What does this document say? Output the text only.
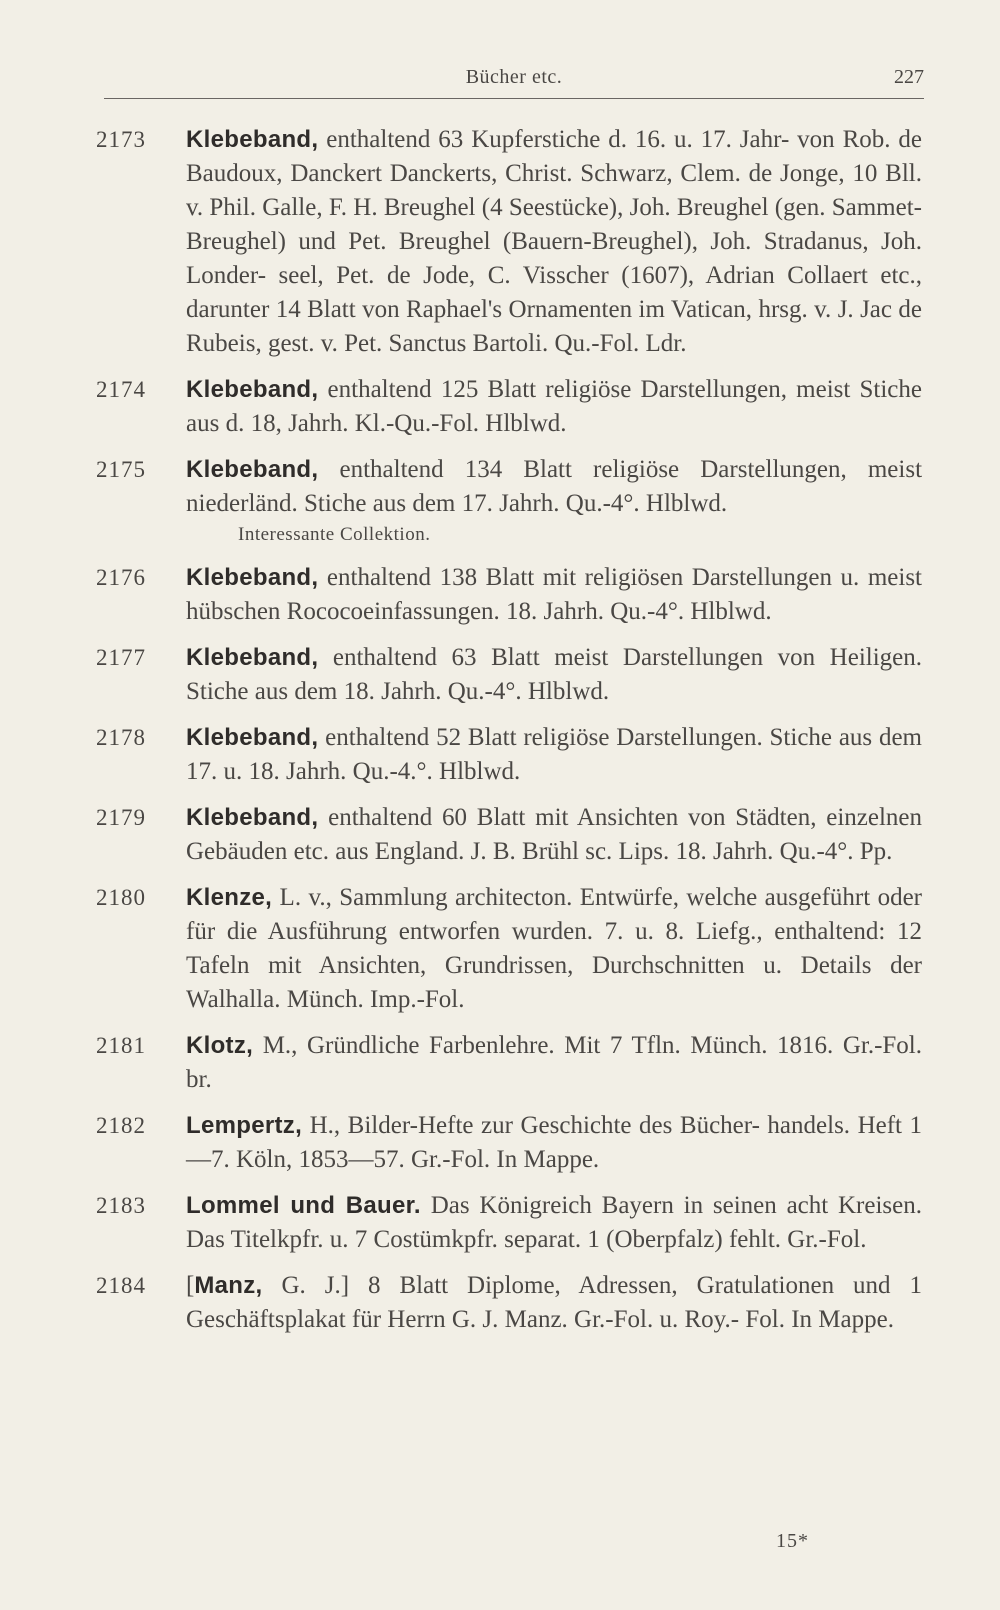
Bücher etc.	227
2173	Klebeband, enthaltend 63 Kupferstiche d. 16. u. 17. Jahr- von Rob. de Baudoux, Danckert Danckerts, Christ. Schwarz, Clem. de Jonge, 10 Bll. v. Phil. Galle, F. H. Breughel (4 Seestücke), Joh. Breughel (gen. Sammet-Breughel) und Pet. Breughel (Bauern-Breughel), Joh. Stradanus, Joh. Londer- seel, Pet. de Jode, C. Visscher (1607), Adrian Collaert etc., darunter 14 Blatt von Raphael's Ornamenten im Vatican, hrsg. v. J. Jac de Rubeis, gest. v. Pet. Sanctus Bartoli. Qu.-Fol. Ldr.
2174	Klebeband, enthaltend 125 Blatt religiöse Darstellungen, meist Stiche aus d. 18, Jahrh. Kl.-Qu.-Fol. Hlblwd.
2175	Klebeband, enthaltend 134 Blatt religiöse Darstellungen, meist niederländ. Stiche aus dem 17. Jahrh. Qu.-4°. Hlblwd.
Interessante Collektion.
2176	Klebeband, enthaltend 138 Blatt mit religiösen Darstellungen u. meist hübschen Rococoeinfassungen. 18. Jahrh. Qu.-4°. Hlblwd.
2177	Klebeband, enthaltend 63 Blatt meist Darstellungen von Heiligen. Stiche aus dem 18. Jahrh. Qu.-4°. Hlblwd.
2178	Klebeband, enthaltend 52 Blatt religiöse Darstellungen. Stiche aus dem 17. u. 18. Jahrh. Qu.-4.°. Hlblwd.
2179	Klebeband, enthaltend 60 Blatt mit Ansichten von Städten, einzelnen Gebäuden etc. aus England. J. B. Brühl sc. Lips. 18. Jahrh. Qu.-4°. Pp.
2180	Klenze, L. v., Sammlung architecton. Entwürfe, welche ausgeführt oder für die Ausführung entworfen wurden. 7. u. 8. Liefg., enthaltend: 12 Tafeln mit Ansichten, Grundrissen, Durchschnitten u. Details der Walhalla. Münch. Imp.-Fol.
2181	Klotz, M., Gründliche Farbenlehre. Mit 7 Tfln. Münch. 1816. Gr.-Fol. br.
2182	Lempertz, H., Bilder-Hefte zur Geschichte des Bücher- handels. Heft 1—7. Köln, 1853—57. Gr.-Fol. In Mappe.
2183	Lommel und Bauer. Das Königreich Bayern in seinen acht Kreisen. Das Titelkpfr. u. 7 Costümkpfr. separat. 1 (Oberpfalz) fehlt. Gr.-Fol.
2184	[Manz, G. J.] 8 Blatt Diplome, Adressen, Gratulationen und 1 Geschäftsplakat für Herrn G. J. Manz. Gr.-Fol. u. Roy.- Fol. In Mappe.
15*
